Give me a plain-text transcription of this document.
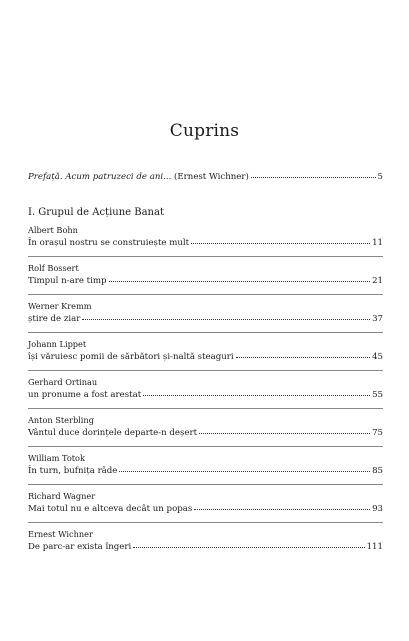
Cuprins
Prefață. Acum patruzeci de ani...
(Ernest Wichner)	5
I. Grupul de Acțiune Banat
Albert Bohn
În orașul nostru se construiește mult	11
Rolf Bossert
Timpul n-are timp	21
Werner Kremm
știre de ziar	37
Johann Lippet
își văruiesc pomii de sărbători și-naltă steaguri	45
Gerhard Ortinau
un pronume a fost arestat	55
Anton Sterbling
Vântul duce dorințele departe-n deșert	75
William Totok
În turn, bufnița râde	85
Richard Wagner
Mai totul nu e altceva decât un popas	93
Ernest Wichner
De parc-ar exista îngeri	111
